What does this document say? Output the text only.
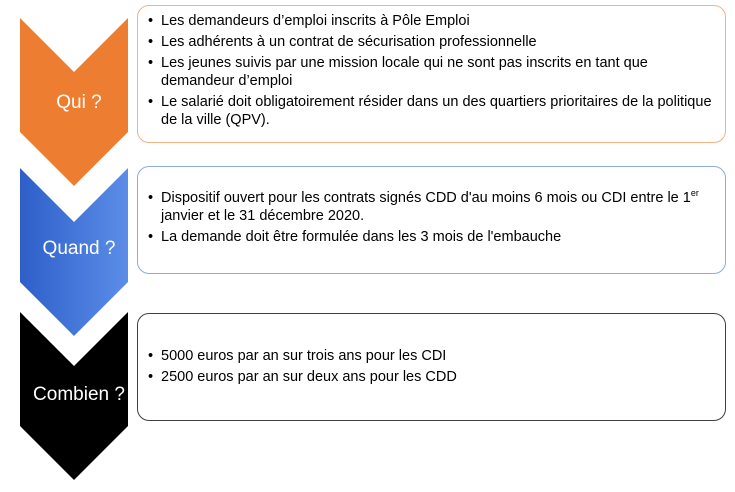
Qui ?
Quand ?
Combien ?
• Les demandeurs d’emploi inscrits à Pôle Emploi
• Les adhérents à un contrat de sécurisation professionnelle
• Les jeunes suivis par une mission locale qui ne sont pas inscrits en tant que demandeur d’emploi
• Le salarié doit obligatoirement résider dans un des quartiers prioritaires de la politique de la ville (QPV).
• Dispositif ouvert pour les contrats signés CDD d'au moins 6 mois ou CDI entre le 1er janvier et le 31 décembre 2020.
• La demande doit être formulée dans les 3 mois de l'embauche
• 5000 euros par an sur trois ans pour les CDI
• 2500 euros par an sur deux ans pour les CDD
